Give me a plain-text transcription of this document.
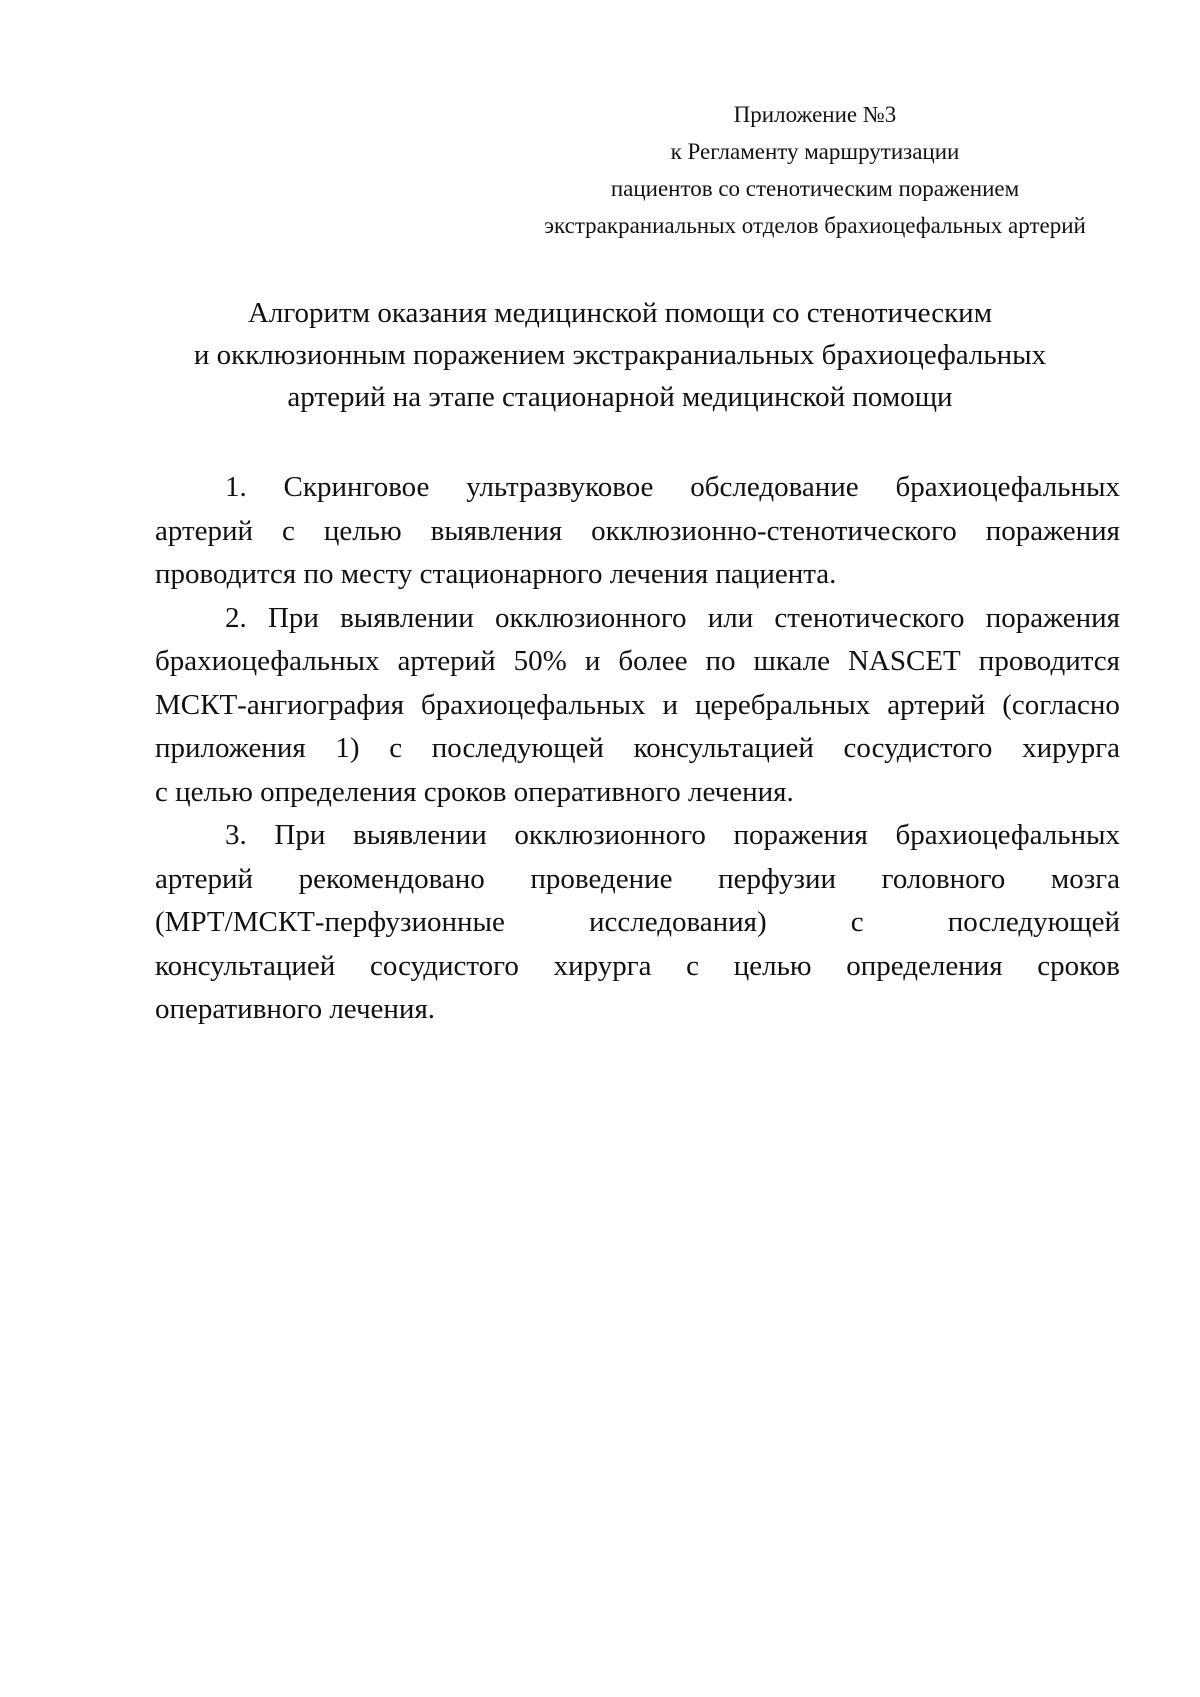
Приложение №3
к Регламенту маршрутизации
пациентов со стенотическим поражением
экстракраниальных отделов брахиоцефальных артерий
Алгоритм оказания медицинской помощи со стенотическим
и окклюзионным поражением экстракраниальных брахиоцефальных
артерий на этапе стационарной медицинской помощи

1. Скринговое ультразвуковое обследование брахиоцефальных
артерий с целью выявления окклюзионно-стенотического поражения
проводится по месту стационарного лечения пациента.

2. При выявлении окклюзионного или стенотического поражения
брахиоцефальных артерий 50% и более по шкале NASCET проводится
МСКТ-ангиография брахиоцефальных и церебральных артерий (согласно
приложения 1) с последующей консультацией сосудистого хирурга
с целью определения сроков оперативного лечения.

3. При выявлении окклюзионного поражения брахиоцефальных
артерий рекомендовано проведение перфузии головного мозга
(МРТ/МСКТ-перфузионные	исследования)	с	последующей
консультацией сосудистого хирурга с целью определения сроков
оперативного лечения.
